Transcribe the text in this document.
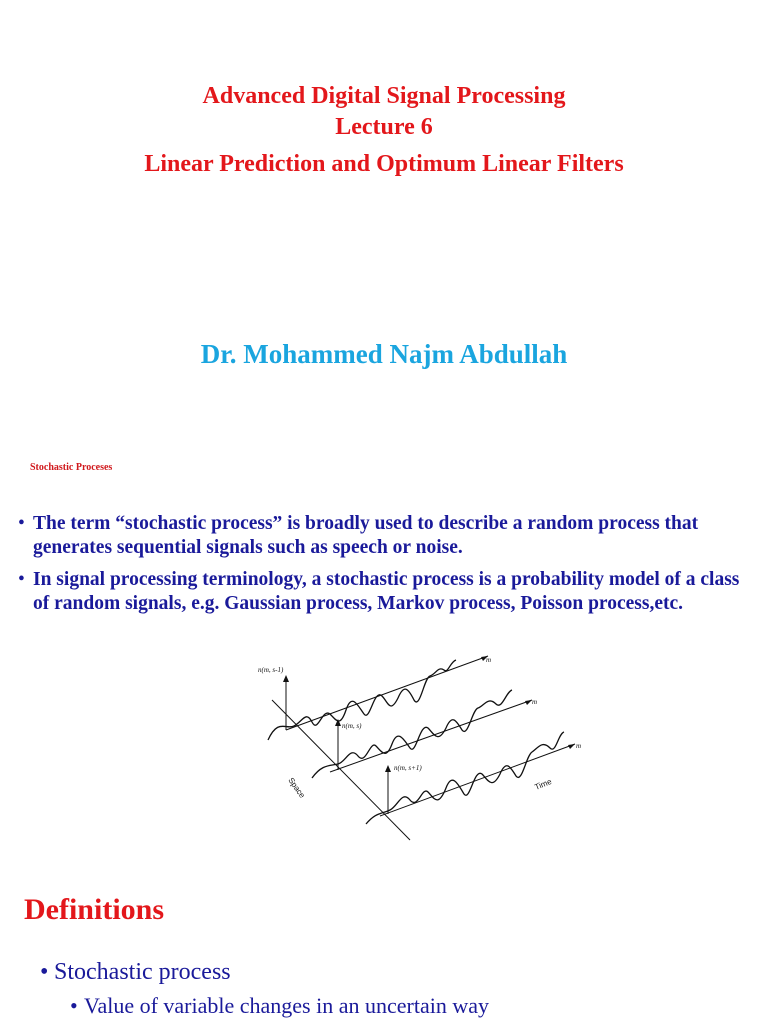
Advanced Digital Signal Processing
Lecture 6
Linear Prediction and Optimum Linear Filters
Dr. Mohammed Najm Abdullah
Stochastic Proceses
• The term “stochastic process” is broadly used to describe a random process that generates sequential signals such as speech or noise.
• In signal processing terminology, a stochastic process is a probability model of a class of random signals, e.g. Gaussian process, Markov process, Poisson process,etc.
n(m, s-1)
n(m, s)
n(m, s+1)
m
m
m
Space	Time
Definitions
• Stochastic process
• Value of variable changes in an uncertain way
